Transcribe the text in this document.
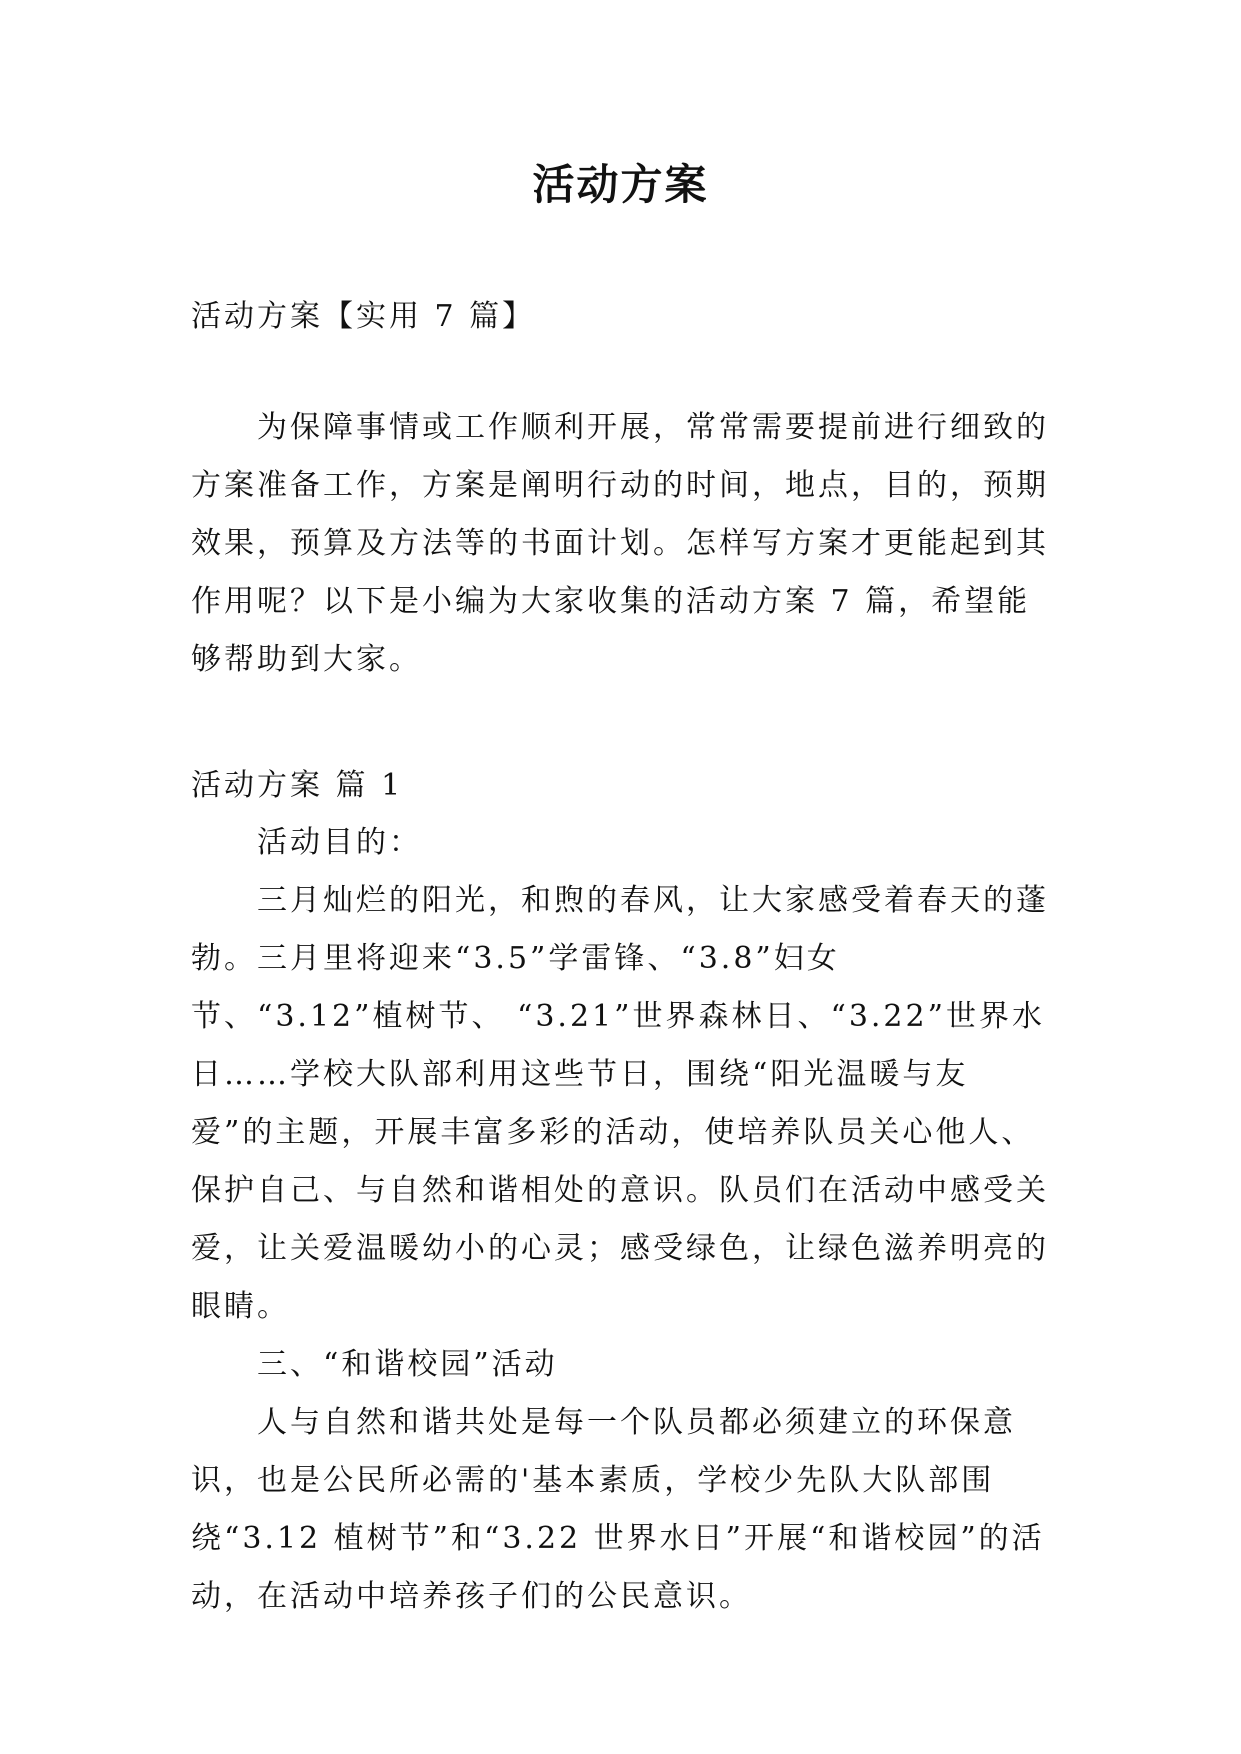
活动方案

活动方案【实用 7 篇】

为保障事情或工作顺利开展，常常需要提前进行细致的方案准备工作，方案是阐明行动的时间，地点，目的，预期效果，预算及方法等的书面计划。怎样写方案才更能起到其作用呢？以下是小编为大家收集的活动方案 7 篇，希望能够帮助到大家。

活动方案 篇 1

活动目的：

三月灿烂的阳光，和煦的春风，让大家感受着春天的蓬勃。三月里将迎来“3.5”学雷锋、“3.8”妇女节、“3.12”植树节、 “3.21”世界森林日、“3.22”世界水日……学校大队部利用这些节日，围绕“阳光温暖与友爱”的主题，开展丰富多彩的活动，使培养队员关心他人、保护自己、与自然和谐相处的意识。队员们在活动中感受关爱，让关爱温暖幼小的心灵；感受绿色，让绿色滋养明亮的眼睛。

三、“和谐校园”活动

人与自然和谐共处是每一个队员都必须建立的环保意识，也是公民所必需的'基本素质，学校少先队大队部围绕“3.12 植树节”和“3.22 世界水日”开展“和谐校园”的活动，在活动中培养孩子们的公民意识。
